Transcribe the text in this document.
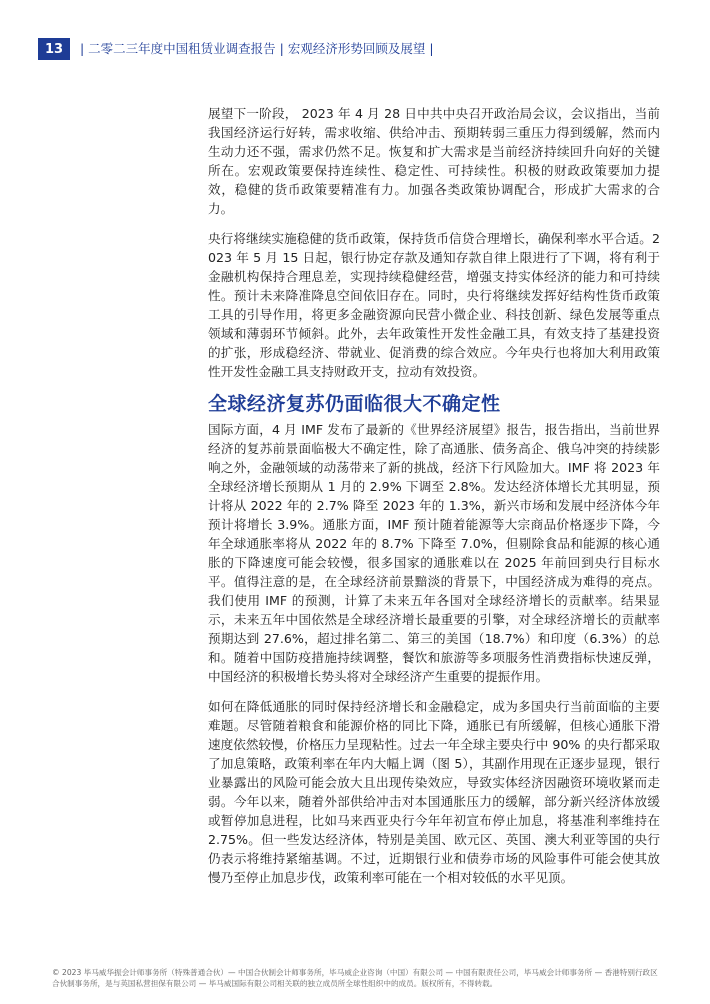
13	| 二零二三年度中国租赁业调查报告 | 宏观经济形势回顾及展望 |

展望下一阶段， 2023 年 4 月 28 日中共中央召开政治局会议，会议指出，当前我国经济运行好转，需求收缩、供给冲击、预期转弱三重压力得到缓解，然而内生动力还不强，需求仍然不足。恢复和扩大需求是当前经济持续回升向好的关键所在。宏观政策要保持连续性、稳定性、可持续性。积极的财政政策要加力提效，稳健的货币政策要精准有力。加强各类政策协调配合，形成扩大需求的合力。

央行将继续实施稳健的货币政策，保持货币信贷合理增长，确保利率水平合适。2023 年 5 月 15 日起，银行协定存款及通知存款自律上限进行了下调，将有利于金融机构保持合理息差，实现持续稳健经营，增强支持实体经济的能力和可持续性。预计未来降准降息空间依旧存在。同时，央行将继续发挥好结构性货币政策工具的引导作用，将更多金融资源向民营小微企业、科技创新、绿色发展等重点领域和薄弱环节倾斜。此外，去年政策性开发性金融工具，有效支持了基建投资的扩张，形成稳经济、带就业、促消费的综合效应。今年央行也将加大利用政策性开发性金融工具支持财政开支，拉动有效投资。

全球经济复苏仍面临很大不确定性

国际方面，4 月 IMF 发布了最新的《世界经济展望》报告，报告指出，当前世界经济的复苏前景面临极大不确定性，除了高通胀、债务高企、俄乌冲突的持续影响之外，金融领域的动荡带来了新的挑战，经济下行风险加大。IMF 将 2023 年全球经济增长预期从 1 月的 2.9% 下调至 2.8%。发达经济体增长尤其明显，预计将从 2022 年的 2.7% 降至 2023 年的 1.3%，新兴市场和发展中经济体今年预计将增长 3.9%。通胀方面，IMF 预计随着能源等大宗商品价格逐步下降，今年全球通胀率将从 2022 年的 8.7% 下降至 7.0%，但剔除食品和能源的核心通胀的下降速度可能会较慢，很多国家的通胀难以在 2025 年前回到央行目标水平。值得注意的是，在全球经济前景黯淡的背景下，中国经济成为难得的亮点。我们使用 IMF 的预测，计算了未来五年各国对全球经济增长的贡献率。结果显示，未来五年中国依然是全球经济增长最重要的引擎，对全球经济增长的贡献率预期达到 27.6%，超过排名第二、第三的美国（18.7%）和印度（6.3%）的总和。随着中国防疫措施持续调整，餐饮和旅游等多项服务性消费指标快速反弹，中国经济的积极增长势头将对全球经济产生重要的提振作用。

如何在降低通胀的同时保持经济增长和金融稳定，成为多国央行当前面临的主要难题。尽管随着粮食和能源价格的同比下降，通胀已有所缓解，但核心通胀下滑速度依然较慢，价格压力呈现粘性。过去一年全球主要央行中 90% 的央行都采取了加息策略，政策利率在年内大幅上调（图 5），其副作用现在正逐步显现，银行业暴露出的风险可能会放大且出现传染效应，导致实体经济因融资环境收紧而走弱。今年以来，随着外部供给冲击对本国通胀压力的缓解，部分新兴经济体放缓或暂停加息进程，比如马来西亚央行今年年初宣布停止加息，将基准利率维持在 2.75%。但一些发达经济体，特别是美国、欧元区、英国、澳大利亚等国的央行仍表示将维持紧缩基调。不过，近期银行业和债券市场的风险事件可能会使其放慢乃至停止加息步伐，政策利率可能在一个相对较低的水平见顶。

© 2023 毕马威华振会计师事务所（特殊普通合伙）— 中国合伙制会计师事务所，毕马威企业咨询（中国）有限公司 — 中国有限责任公司，毕马威会计师事务所 — 香港特别行政区合伙制事务所，是与英国私营担保有限公司 — 毕马威国际有限公司相关联的独立成员所全球性组织中的成员。版权所有，不得转载。
